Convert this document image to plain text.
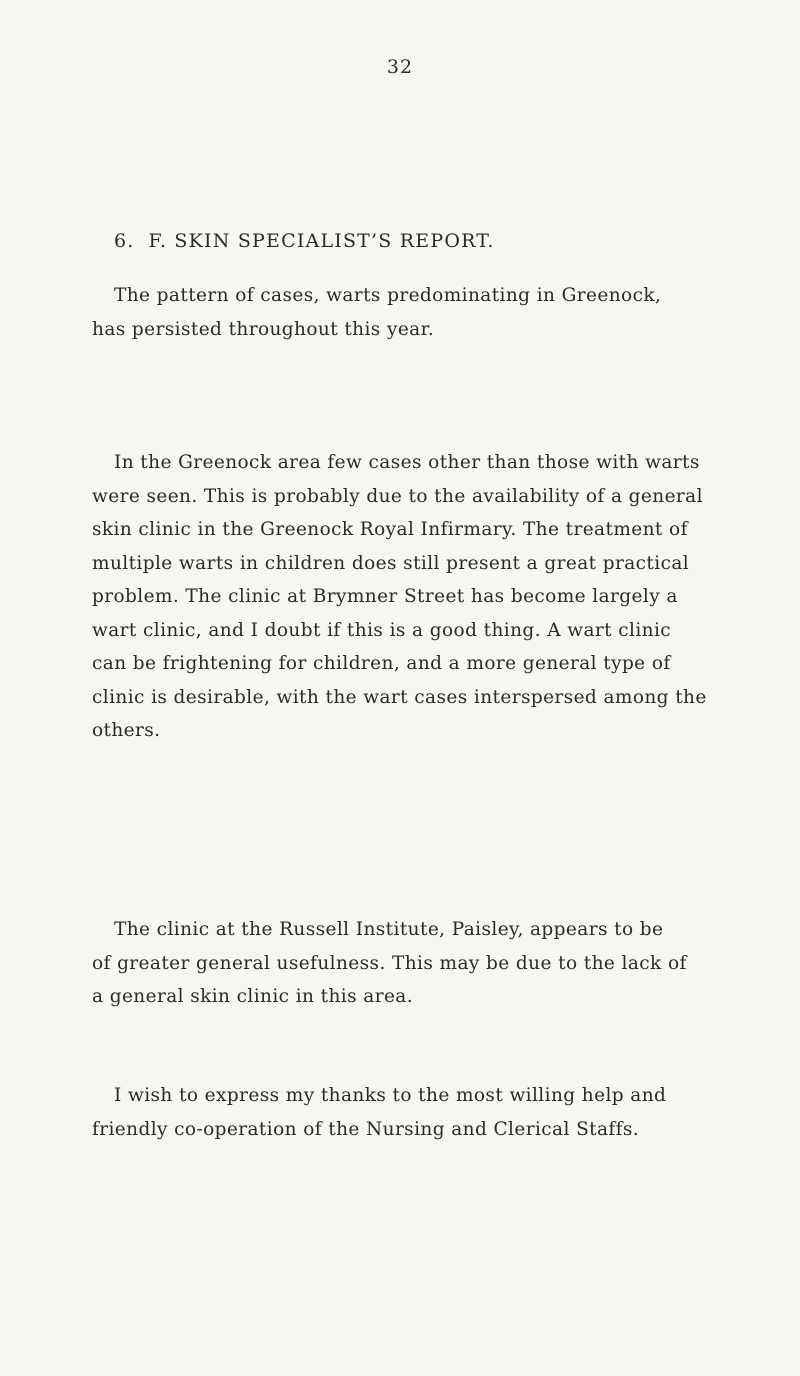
32
6. F. SKIN SPECIALIST’S REPORT.

The pattern of cases, warts predominating in Greenock,
has persisted throughout this year.

In the Greenock area few cases other than those with warts
were seen. This is probably due to the availability of a general
skin clinic in the Greenock Royal Infirmary. The treatment of
multiple warts in children does still present a great practical
problem. The clinic at Brymner Street has become largely a
wart clinic, and I doubt if this is a good thing. A wart clinic
can be frightening for children, and a more general type of
clinic is desirable, with the wart cases interspersed among the
others.

The clinic at the Russell Institute, Paisley, appears to be
of greater general usefulness. This may be due to the lack of
a general skin clinic in this area.

I wish to express my thanks to the most willing help and
friendly co-operation of the Nursing and Clerical Staffs.
